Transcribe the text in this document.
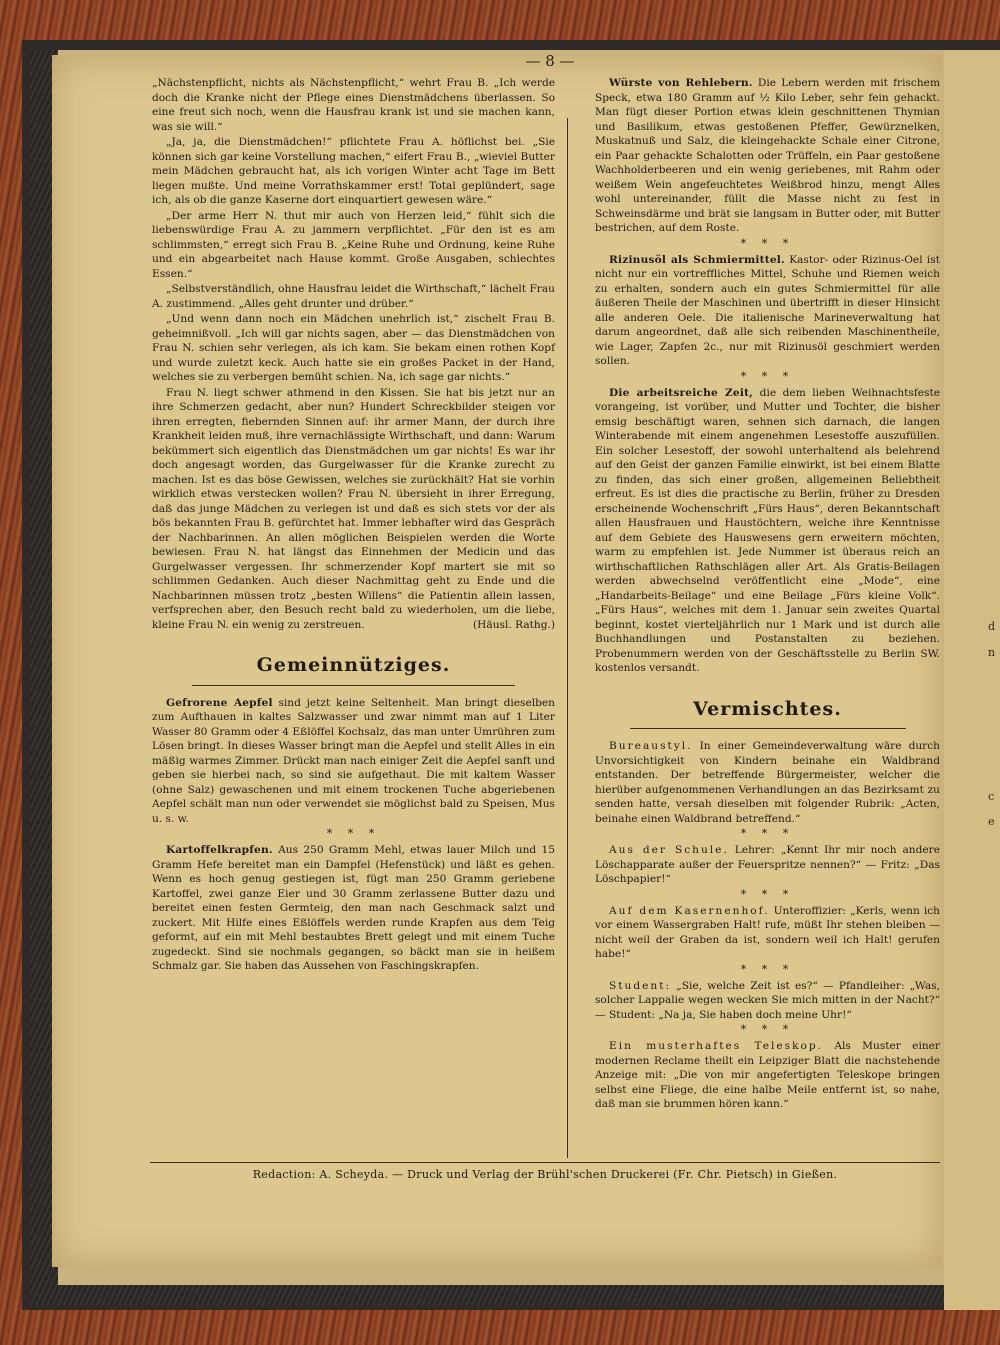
d
n
c
e
— 8 —

„Nächstenpflicht, nichts als Nächstenpflicht,“ wehrt Frau B. „Ich werde doch die Kranke nicht der Pflege eines Dienstmädchens überlassen. So eine freut sich noch, wenn die Hausfrau krank ist und sie machen kann, was sie will.“

„Ja, ja, die Dienstmädchen!“ pflichtete Frau A. höflichst bei. „Sie können sich gar keine Vorstellung machen,“ eifert Frau B., „wieviel Butter mein Mädchen gebraucht hat, als ich vorigen Winter acht Tage im Bett liegen mußte. Und meine Vorrathskammer erst! Total geplündert, sage ich, als ob die ganze Kaserne dort einquartiert gewesen wäre.“

„Der arme Herr N. thut mir auch von Herzen leid,“ fühlt sich die liebenswürdige Frau A. zu jammern verpflichtet. „Für den ist es am schlimmsten,“ erregt sich Frau B. „Keine Ruhe und Ordnung, keine Ruhe und ein abgearbeitet nach Hause kommt. Große Ausgaben, schlechtes Essen.“

„Selbstverständlich, ohne Hausfrau leidet die Wirthschaft,“ lächelt Frau A. zustimmend. „Alles geht drunter und drüber.“

„Und wenn dann noch ein Mädchen unehrlich ist,“ zischelt Frau B. geheimnißvoll. „Ich will gar nichts sagen, aber — das Dienstmädchen von Frau N. schien sehr verlegen, als ich kam. Sie bekam einen rothen Kopf und wurde zuletzt keck. Auch hatte sie ein großes Packet in der Hand, welches sie zu verbergen bemüht schien. Na, ich sage gar nichts.“

Frau N. liegt schwer athmend in den Kissen. Sie hat bis jetzt nur an ihre Schmerzen gedacht, aber nun? Hundert Schreckbilder steigen vor ihren erregten, fiebernden Sinnen auf: ihr armer Mann, der durch ihre Krankheit leiden muß, ihre vernachlässigte Wirthschaft, und dann: Warum bekümmert sich eigentlich das Dienstmädchen um gar nichts! Es war ihr doch angesagt worden, das Gurgelwasser für die Kranke zurecht zu machen. Ist es das böse Gewissen, welches sie zurückhält? Hat sie vorhin wirklich etwas verstecken wollen? Frau N. übersieht in ihrer Erregung, daß das junge Mädchen zu verlegen ist und daß es sich stets vor der als bös bekannten Frau B. gefürchtet hat. Immer lebhafter wird das Gespräch der Nachbarinnen. An allen möglichen Beispielen werden die Worte bewiesen. Frau N. hat längst das Einnehmen der Medicin und das Gurgelwasser vergessen. Ihr schmerzender Kopf martert sie mit so schlimmen Gedanken. Auch dieser Nachmittag geht zu Ende und die Nachbarinnen müssen trotz „besten Willens“ die Patientin allein lassen, verfsprechen aber, den Besuch recht bald zu wiederholen, um die liebe, kleine Frau N. ein wenig zu zerstreuen.	(Häusl. Rathg.)

Gemeinnütziges.

Gefrorene Aepfel sind jetzt keine Seltenheit. Man bringt dieselben zum Aufthauen in kaltes Salzwasser und zwar nimmt man auf 1 Liter Wasser 80 Gramm oder 4 Eßlöffel Kochsalz, das man unter Umrühren zum Lösen bringt. In dieses Wasser bringt man die Aepfel und stellt Alles in ein mäßig warmes Zimmer. Drückt man nach einiger Zeit die Aepfel sanft und geben sie hierbei nach, so sind sie aufgethaut. Die mit kaltem Wasser (ohne Salz) gewaschenen und mit einem trockenen Tuche abgeriebenen Aepfel schält man nun oder verwendet sie möglichst bald zu Speisen, Mus u. s. w.

* * *

Kartoffelkrapfen. Aus 250 Gramm Mehl, etwas lauer Milch und 15 Gramm Hefe bereitet man ein Dampfel (Hefenstück) und läßt es gehen. Wenn es hoch genug gestiegen ist, fügt man 250 Gramm geriebene Kartoffel, zwei ganze Eier und 30 Gramm zerlassene Butter dazu und bereitet einen festen Germteig, den man nach Geschmack salzt und zuckert. Mit Hilfe eines Eßlöffels werden runde Krapfen aus dem Teig geformt, auf ein mit Mehl bestaubtes Brett gelegt und mit einem Tuche zugedeckt. Sind sie nochmals gegangen, so bäckt man sie in heißem Schmalz gar. Sie haben das Aussehen von Faschingskrapfen.

Würste von Rehlebern. Die Lebern werden mit frischem Speck, etwa 180 Gramm auf ½ Kilo Leber, sehr fein gehackt. Man fügt dieser Portion etwas klein geschnittenen Thymian und Basilikum, etwas gestoßenen Pfeffer, Gewürznelken, Muskatnuß und Salz, die kleingehackte Schale einer Citrone, ein Paar gehackte Schalotten oder Trüffeln, ein Paar gestoßene Wachholderbeeren und ein wenig geriebenes, mit Rahm oder weißem Wein angefeuchtetes Weißbrod hinzu, mengt Alles wohl untereinander, füllt die Masse nicht zu fest in Schweinsdärme und brät sie langsam in Butter oder, mit Butter bestrichen, auf dem Roste.

* * *

Rizinusöl als Schmiermittel. Kastor- oder Rizinus-Oel ist nicht nur ein vortreffliches Mittel, Schuhe und Riemen weich zu erhalten, sondern auch ein gutes Schmiermittel für alle äußeren Theile der Maschinen und übertrifft in dieser Hinsicht alle anderen Oele. Die italienische Marineverwaltung hat darum angeordnet, daß alle sich reibenden Maschinentheile, wie Lager, Zapfen 2c., nur mit Rizinusöl geschmiert werden sollen.

* * *

Die arbeitsreiche Zeit, die dem lieben Weihnachtsfeste vorangeing, ist vorüber, und Mutter und Tochter, die bisher emsig beschäftigt waren, sehnen sich darnach, die langen Winterabende mit einem angenehmen Lesestoffe auszufüllen. Ein solcher Lesestoff, der sowohl unterhaltend als belehrend auf den Geist der ganzen Familie einwirkt, ist bei einem Blatte zu finden, das sich einer großen, allgemeinen Beliebtheit erfreut. Es ist dies die practische zu Berlin, früher zu Dresden erscheinende Wochenschrift „Fürs Haus“, deren Bekanntschaft allen Hausfrauen und Haustöchtern, welche ihre Kenntnisse auf dem Gebiete des Hauswesens gern erweitern möchten, warm zu empfehlen ist. Jede Nummer ist überaus reich an wirthschaftlichen Rathschlägen aller Art. Als Gratis-Beilagen werden abwechselnd veröffentlicht eine „Mode“, eine „Handarbeits-Beilage“ und eine Beilage „Fürs kleine Volk“. „Fürs Haus“, welches mit dem 1. Januar sein zweites Quartal beginnt, kostet vierteljährlich nur 1 Mark und ist durch alle Buchhandlungen und Postanstalten zu beziehen. Probenummern werden von der Geschäftsstelle zu Berlin SW. kostenlos versandt.

Vermischtes.

Bureaustyl. In einer Gemeindeverwaltung wäre durch Unvorsichtigkeit von Kindern beinahe ein Waldbrand entstanden. Der betreffende Bürgermeister, welcher die hierüber aufgenommenen Verhandlungen an das Bezirksamt zu senden hatte, versah dieselben mit folgender Rubrik: „Acten, beinahe einen Waldbrand betreffend.“

* * *

Aus der Schule. Lehrer: „Kennt Ihr mir noch andere Löschapparate außer der Feuerspritze nennen?“ — Fritz: „Das Löschpapier!“

* * *

Auf dem Kasernenhof. Unteroffizier: „Kerls, wenn ich vor einem Wassergraben Halt! rufe, müßt Ihr stehen bleiben — nicht weil der Graben da ist, sondern weil ich Halt! gerufen habe!“

* * *

Student: „Sie, welche Zeit ist es?“ — Pfandleiher: „Was, solcher Lappalie wegen wecken Sie mich mitten in der Nacht?“ — Student: „Na ja, Sie haben doch meine Uhr!“

* * *

Ein musterhaftes Teleskop. Als Muster einer modernen Reclame theilt ein Leipziger Blatt die nachstehende Anzeige mit: „Die von mir angefertigten Teleskope bringen selbst eine Fliege, die eine halbe Meile entfernt ist, so nahe, daß man sie brummen hören kann.“

Redaction: A. Scheyda. — Druck und Verlag der Brühl'schen Druckerei (Fr. Chr. Pietsch) in Gießen.
